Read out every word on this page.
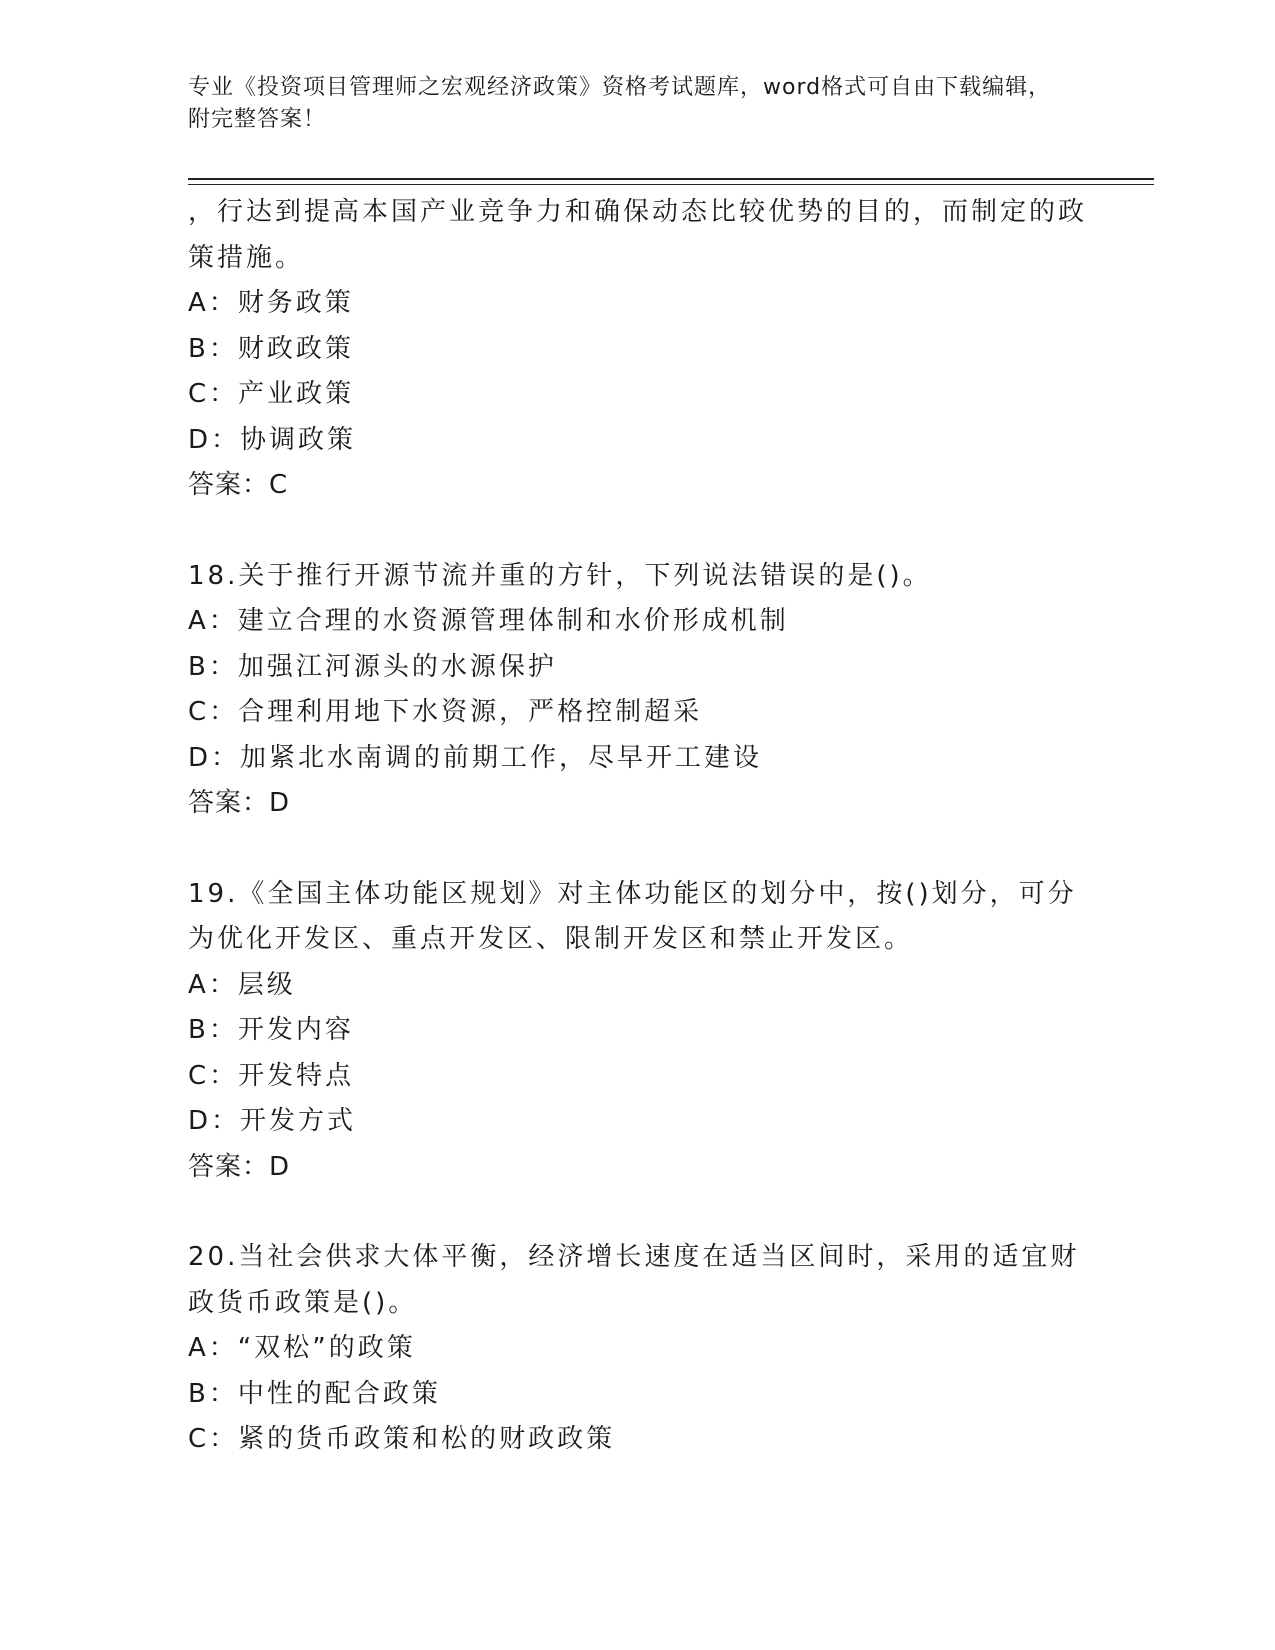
专业《投资项目管理师之宏观经济政策》资格考试题库，word格式可自由下载编辑，附完整答案！

，行达到提高本国产业竞争力和确保动态比较优势的目的，而制定的政策措施。

A：财务政策

B：财政政策

C：产业政策

D：协调政策

答案：C

18.关于推行开源节流并重的方针，下列说法错误的是()。

A：建立合理的水资源管理体制和水价形成机制

B：加强江河源头的水源保护

C：合理利用地下水资源，严格控制超采

D：加紧北水南调的前期工作，尽早开工建设

答案：D

19.《全国主体功能区规划》对主体功能区的划分中，按()划分，可分为优化开发区、重点开发区、限制开发区和禁止开发区。

A：层级

B：开发内容

C：开发特点

D：开发方式

答案：D

20.当社会供求大体平衡，经济增长速度在适当区间时，采用的适宜财政货币政策是()。

A：“双松”的政策

B：中性的配合政策

C：紧的货币政策和松的财政政策
